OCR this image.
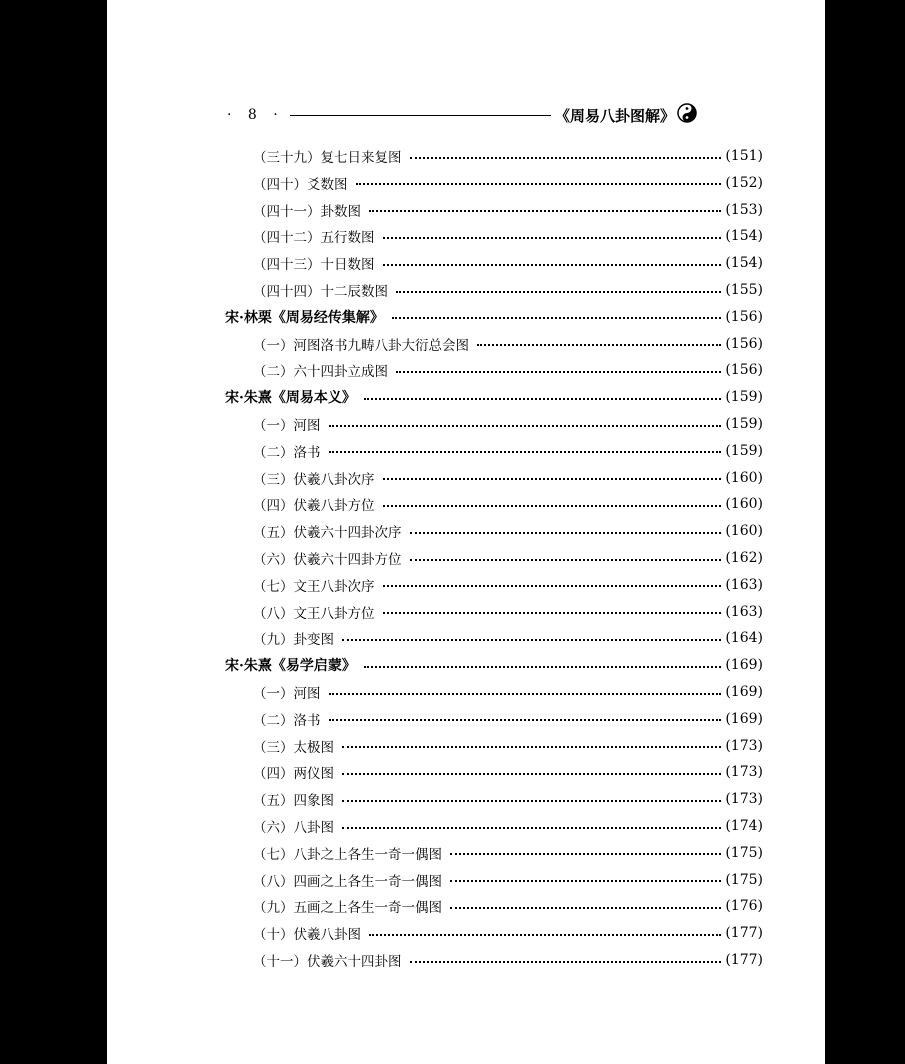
· 8 ·	《周易八卦图解》
（三十九）复七日来复图	(151)
（四十）爻数图	(152)
（四十一）卦数图	(153)
（四十二）五行数图	(154)
（四十三）十日数图	(154)
（四十四）十二辰数图	(155)
宋·林栗《周易经传集解》	(156)
（一）河图洛书九畴八卦大衍总会图	(156)
（二）六十四卦立成图	(156)
宋·朱熹《周易本义》	(159)
（一）河图	(159)
（二）洛书	(159)
（三）伏羲八卦次序	(160)
（四）伏羲八卦方位	(160)
（五）伏羲六十四卦次序	(160)
（六）伏羲六十四卦方位	(162)
（七）文王八卦次序	(163)
（八）文王八卦方位	(163)
（九）卦变图	(164)
宋·朱熹《易学启蒙》	(169)
（一）河图	(169)
（二）洛书	(169)
（三）太极图	(173)
（四）两仪图	(173)
（五）四象图	(173)
（六）八卦图	(174)
（七）八卦之上各生一奇一偶图	(175)
（八）四画之上各生一奇一偶图	(175)
（九）五画之上各生一奇一偶图	(176)
（十）伏羲八卦图	(177)
（十一）伏羲六十四卦图	(177)
